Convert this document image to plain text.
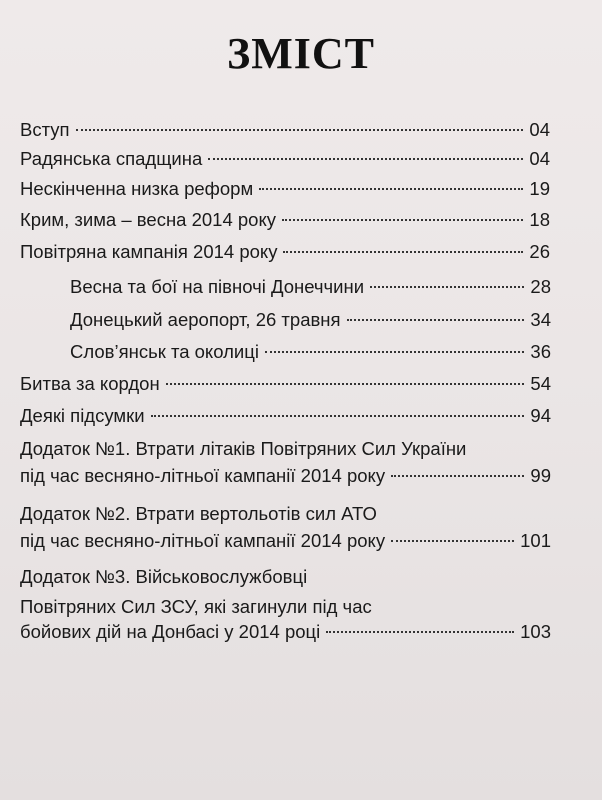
ЗМІСТ
Вступ	04
Радянська спадщина	04
Нескінченна низка реформ	19
Крим, зима – весна 2014 року	18
Повітряна кампанія 2014 року	26
Весна та бої на півночі Донеччини	28
Донецький аеропорт, 26 травня	34
Слов’янськ та околиці	36
Битва за кордон	54
Деякі підсумки	94
Додаток №1. Втрати літаків Повітряних Сил України
під час весняно-літньої кампанії 2014 року	99
Додаток №2. Втрати вертольотів сил АТО
під час весняно-літньої кампанії 2014 року	101
Додаток №3. Військовослужбовці
Повітряних Сил ЗСУ, які загинули під час
бойових дій на Донбасі у 2014 році	103
